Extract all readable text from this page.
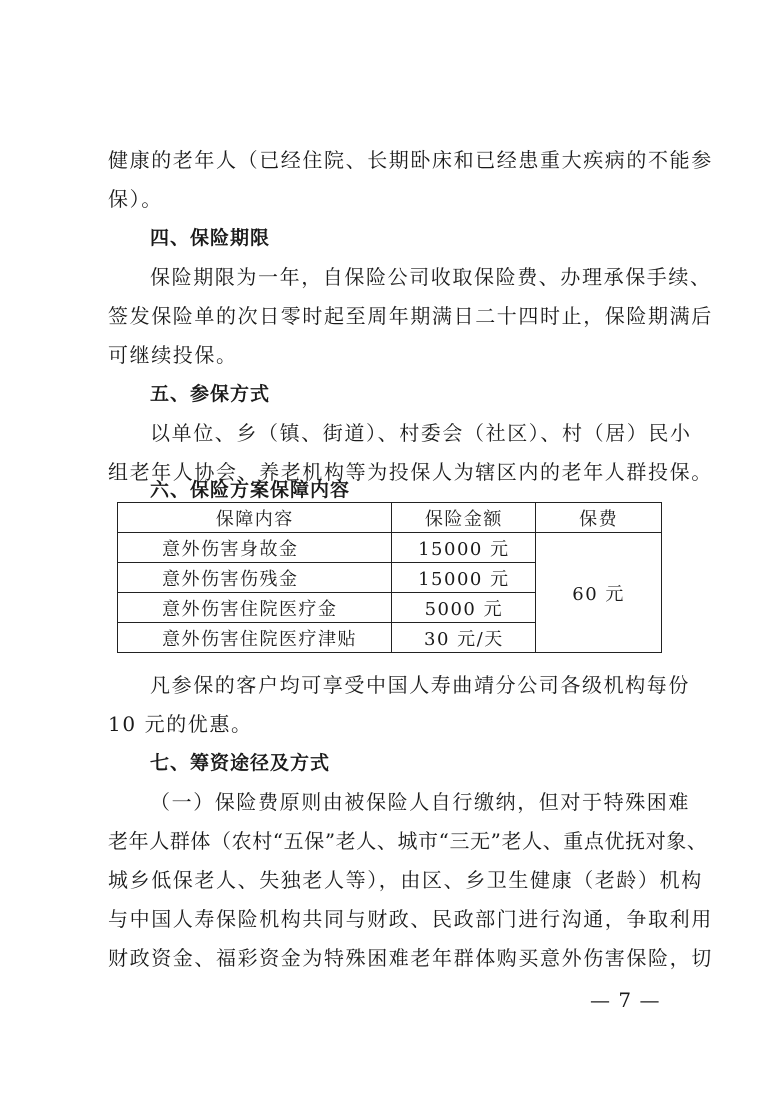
健康的老年人（已经住院、长期卧床和已经患重大疾病的不能参
保）。
四、保险期限
保险期限为一年，自保险公司收取保险费、办理承保手续、
签发保险单的次日零时起至周年期满日二十四时止，保险期满后
可继续投保。
五、参保方式
以单位、乡（镇、街道）、村委会（社区）、村（居）民小
组老年人协会、养老机构等为投保人为辖区内的老年人群投保。
六、保险方案保障内容
保障内容	保险金额	保费
意外伤害身故金	15000 元	60 元
意外伤害伤残金	15000 元	
意外伤害住院医疗金	5000 元	
意外伤害住院医疗津贴	30 元/天	
凡参保的客户均可享受中国人寿曲靖分公司各级机构每份
10 元的优惠。
七、筹资途径及方式
（一）保险费原则由被保险人自行缴纳，但对于特殊困难
老年人群体（农村“五保”老人、城市“三无”老人、重点优抚对象、
城乡低保老人、失独老人等），由区、乡卫生健康（老龄）机构
与中国人寿保险机构共同与财政、民政部门进行沟通，争取利用
财政资金、福彩资金为特殊困难老年群体购买意外伤害保险，切
— 7 —
